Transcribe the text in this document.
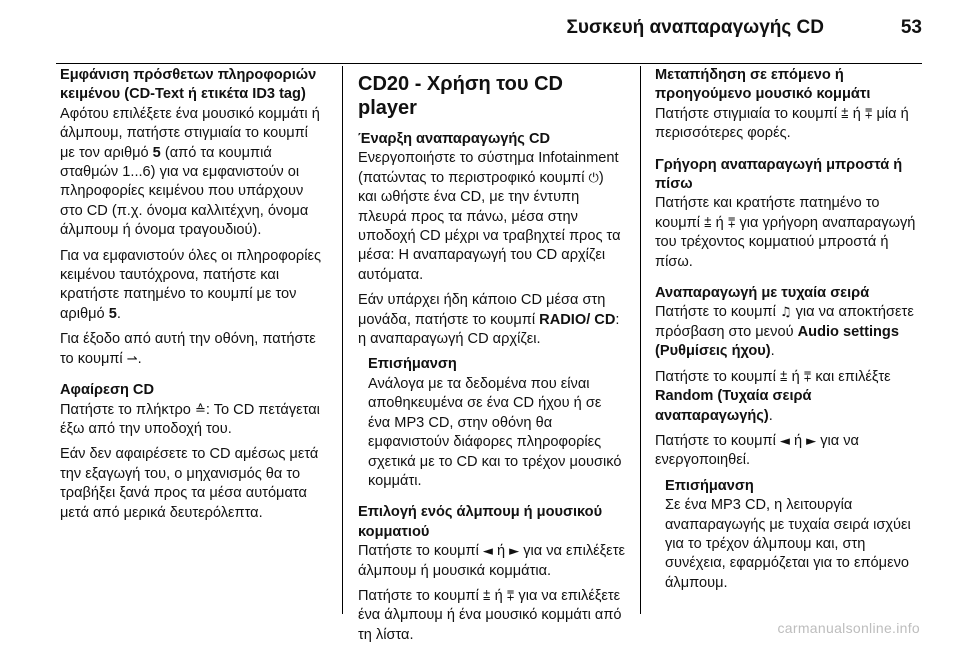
Συσκευή αναπαραγωγής CD	53
Εμφάνιση πρόσθετων πληροφοριών κειμένου (CD-Text ή ετικέτα ID3 tag)

Αφότου επιλέξετε ένα μουσικό κομμάτι ή άλμπουμ, πατήστε στιγμιαία το κουμπί με τον αριθμό 5 (από τα κουμπιά σταθμών 1...6) για να εμφανιστούν οι πληροφορίες κειμένου που υπάρχουν στο CD (π.χ. όνομα καλλιτέχνη, όνομα άλμπουμ ή όνομα τραγουδιού).

Για να εμφανιστούν όλες οι πληροφορίες κειμένου ταυτόχρονα, πατήστε και κρατήστε πατημένο το κουμπί με τον αριθμό 5.

Για έξοδο από αυτή την οθόνη, πατήστε το κουμπί ⇀.

Αφαίρεση CD

Πατήστε το πλήκτρο ≙: Το CD πετάγεται έξω από την υποδοχή του.

Εάν δεν αφαιρέσετε το CD αμέσως μετά την εξαγωγή του, ο μηχανισμός θα το τραβήξει ξανά προς τα μέσα αυτόματα μετά από μερικά δευτερόλεπτα.

CD20 - Χρήση του CD player
Έναρξη αναπαραγωγής CD

Ενεργοποιήστε το σύστημα Infotainment (πατώντας το περιστροφικό κουμπί ⏻) και ωθήστε ένα CD, με την έντυπη πλευρά προς τα πάνω, μέσα στην υποδοχή CD μέχρι να τραβηχτεί προς τα μέσα: Η αναπαραγωγή του CD αρχίζει αυτόματα.

Εάν υπάρχει ήδη κάποιο CD μέσα στη μονάδα, πατήστε το κουμπί RADIO/ CD: η αναπαραγωγή CD αρχίζει.

Επισήμανση

Ανάλογα με τα δεδομένα που είναι αποθηκευμένα σε ένα CD ήχου ή σε ένα MP3 CD, στην οθόνη θα εμφανιστούν διάφορες πληροφορίες σχετικά με το CD και το τρέχον μουσικό κομμάτι.

Επιλογή ενός άλμπουμ ή μουσικού κομματιού

Πατήστε το κουμπί ◄ ή ► για να επιλέξετε άλμπουμ ή μουσικά κομμάτια.

Πατήστε το κουμπί ⩲ ή ⩱ για να επιλέξετε ένα άλμπουμ ή ένα μουσικό κομμάτι από τη λίστα.

Μεταπήδηση σε επόμενο ή προηγούμενο μουσικό κομμάτι

Πατήστε στιγμιαία το κουμπί ⩲ ή ⩱ μία ή περισσότερες φορές.

Γρήγορη αναπαραγωγή μπροστά ή πίσω

Πατήστε και κρατήστε πατημένο το κουμπί ⩲ ή ⩱ για γρήγορη αναπαραγωγή του τρέχοντος κομματιού μπροστά ή πίσω.

Αναπαραγωγή με τυχαία σειρά

Πατήστε το κουμπί ♫ για να αποκτήσετε πρόσβαση στο μενού Audio settings (Ρυθμίσεις ήχου).

Πατήστε το κουμπί ⩲ ή ⩱ και επιλέξτε Random (Τυχαία σειρά αναπαραγωγής).

Πατήστε το κουμπί ◄ ή ► για να ενεργοποιηθεί.

Επισήμανση

Σε ένα MP3 CD, η λειτουργία αναπαραγωγής με τυχαία σειρά ισχύει για το τρέχον άλμπουμ και, στη συνέχεια, εφαρμόζεται για το επόμενο άλμπουμ.

carmanualsonline.info
